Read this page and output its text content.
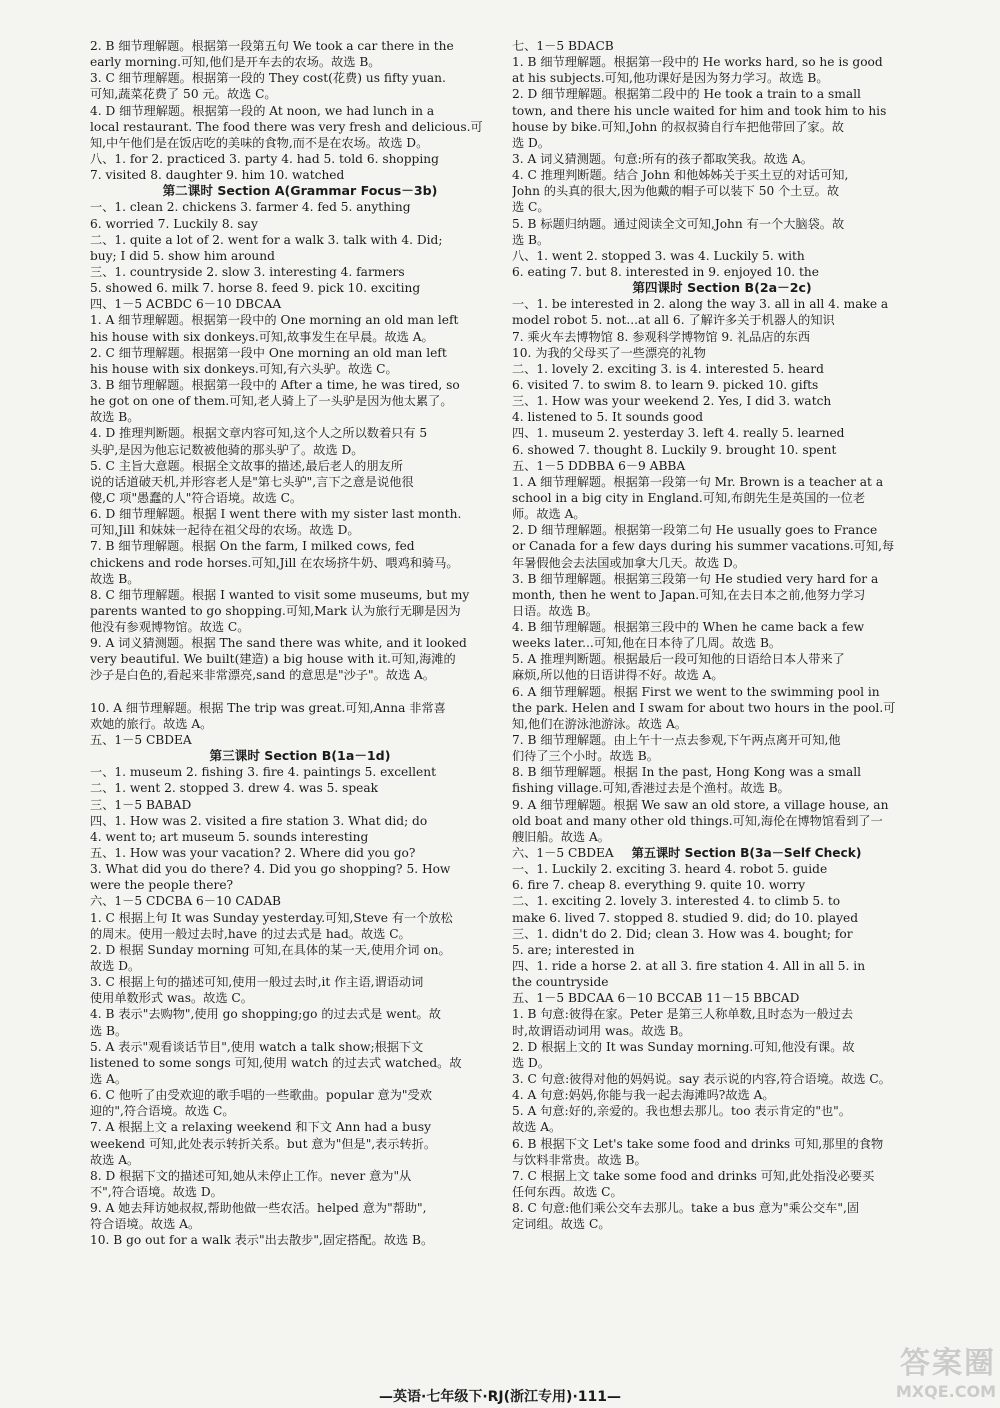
2. B 细节理解题。根据第一段第五句 We took a car there in the
early morning.可知,他们是开车去的农场。故选 B。
3. C 细节理解题。根据第一段的 They cost(花费) us fifty yuan.
可知,蔬菜花费了 50 元。故选 C。
4. D 细节理解题。根据第一段的 At noon, we had lunch in a
local restaurant. The food there was very fresh and delicious.可
知,中午他们是在饭店吃的美味的食物,而不是在农场。故选 D。
八、1. for 2. practiced 3. party 4. had 5. told 6. shopping
7. visited 8. daughter 9. him 10. watched
第二课时 Section A(Grammar Focus－3b)
一、1. clean 2. chickens 3. farmer 4. fed 5. anything
6. worried 7. Luckily 8. say
二、1. quite a lot of 2. went for a walk 3. talk with 4. Did;
buy; I did 5. show him around
三、1. countryside 2. slow 3. interesting 4. farmers
5. showed 6. milk 7. horse 8. feed 9. pick 10. exciting
四、1－5 ACBDC 6－10 DBCAA
1. A 细节理解题。根据第一段中的 One morning an old man left
his house with six donkeys.可知,故事发生在早晨。故选 A。
2. C 细节理解题。根据第一段中 One morning an old man left
his house with six donkeys.可知,有六头驴。故选 C。
3. B 细节理解题。根据第一段中的 After a time, he was tired, so
he got on one of them.可知,老人骑上了一头驴是因为他太累了。
故选 B。
4. D 推理判断题。根据文章内容可知,这个人之所以数着只有 5
头驴,是因为他忘记数被他骑的那头驴了。故选 D。
5. C 主旨大意题。根据全文故事的描述,最后老人的朋友所
说的话道破天机,并形容老人是"第七头驴",言下之意是说他很
傻,C 项"愚蠢的人"符合语境。故选 C。
6. D 细节理解题。根据 I went there with my sister last month.
可知,Jill 和妹妹一起待在祖父母的农场。故选 D。
7. B 细节理解题。根据 On the farm, I milked cows, fed
chickens and rode horses.可知,Jill 在农场挤牛奶、喂鸡和骑马。
故选 B。
8. C 细节理解题。根据 I wanted to visit some museums, but my
parents wanted to go shopping.可知,Mark 认为旅行无聊是因为
他没有参观博物馆。故选 C。
9. A 词义猜测题。根据 The sand there was white, and it looked
very beautiful. We built(建造) a big house with it.可知,海滩的
沙子是白色的,看起来非常漂亮,sand 的意思是"沙子"。故选 A。
10. A 细节理解题。根据 The trip was great.可知,Anna 非常喜
欢她的旅行。故选 A。
五、1－5 CBDEA
第三课时 Section B(1a－1d)
一、1. museum 2. fishing 3. fire 4. paintings 5. excellent
二、1. went 2. stopped 3. drew 4. was 5. speak
三、1－5 BABAD
四、1. How was 2. visited a fire station 3. What did; do
4. went to; art museum 5. sounds interesting
五、1. How was your vacation? 2. Where did you go?
3. What did you do there? 4. Did you go shopping? 5. How
were the people there?
六、1－5 CDCBA 6－10 CADAB
1. C 根据上句 It was Sunday yesterday.可知,Steve 有一个放松
的周末。使用一般过去时,have 的过去式是 had。故选 C。
2. D 根据 Sunday morning 可知,在具体的某一天,使用介词 on。
故选 D。
3. C 根据上句的描述可知,使用一般过去时,it 作主语,谓语动词
使用单数形式 was。故选 C。
4. B 表示"去购物",使用 go shopping;go 的过去式是 went。故
选 B。
5. A 表示"观看谈话节目",使用 watch a talk show;根据下文
listened to some songs 可知,使用 watch 的过去式 watched。故
选 A。
6. C 他听了由受欢迎的歌手唱的一些歌曲。popular 意为"受欢
迎的",符合语境。故选 C。
7. A 根据上文 a relaxing weekend 和下文 Ann had a busy
weekend 可知,此处表示转折关系。but 意为"但是",表示转折。
故选 A。
8. D 根据下文的描述可知,她从未停止工作。never 意为"从
不",符合语境。故选 D。
9. A 她去拜访她叔叔,帮助他做一些农活。helped 意为"帮助",
符合语境。故选 A。
10. B go out for a walk 表示"出去散步",固定搭配。故选 B。
七、1－5 BDACB
1. B 细节理解题。根据第一段中的 He works hard, so he is good
at his subjects.可知,他功课好是因为努力学习。故选 B。
2. D 细节理解题。根据第二段中的 He took a train to a small
town, and there his uncle waited for him and took him to his
house by bike.可知,John 的叔叔骑自行车把他带回了家。故
选 D。
3. A 词义猜测题。句意:所有的孩子都取笑我。故选 A。
4. C 推理判断题。结合 John 和他姊姊关于买土豆的对话可知,
John 的头真的很大,因为他戴的帽子可以装下 50 个土豆。故
选 C。
5. B 标题归纳题。通过阅读全文可知,John 有一个大脑袋。故
选 B。
八、1. went 2. stopped 3. was 4. Luckily 5. with
6. eating 7. but 8. interested in 9. enjoyed 10. the
第四课时 Section B(2a－2c)
一、1. be interested in 2. along the way 3. all in all 4. make a
model robot 5. not...at all 6. 了解许多关于机器人的知识
7. 乘火车去博物馆 8. 参观科学博物馆 9. 礼品店的东西
10. 为我的父母买了一些漂亮的礼物
二、1. lovely 2. exciting 3. is 4. interested 5. heard
6. visited 7. to swim 8. to learn 9. picked 10. gifts
三、1. How was your weekend 2. Yes, I did 3. watch
4. listened to 5. It sounds good
四、1. museum 2. yesterday 3. left 4. really 5. learned
6. showed 7. thought 8. Luckily 9. brought 10. spent
五、1－5 DDBBA 6－9 ABBA
1. A 细节理解题。根据第一段第一句 Mr. Brown is a teacher at a
school in a big city in England.可知,布朗先生是英国的一位老
师。故选 A。
2. D 细节理解题。根据第一段第二句 He usually goes to France
or Canada for a few days during his summer vacations.可知,每
年暑假他会去法国或加拿大几天。故选 D。
3. B 细节理解题。根据第三段第一句 He studied very hard for a
month, then he went to Japan.可知,在去日本之前,他努力学习
日语。故选 B。
4. B 细节理解题。根据第三段中的 When he came back a few
weeks later...可知,他在日本待了几周。故选 B。
5. A 推理判断题。根据最后一段可知他的日语给日本人带来了
麻烦,所以他的日语讲得不好。故选 A。
6. A 细节理解题。根据 First we went to the swimming pool in
the park. Helen and I swam for about two hours in the pool.可
知,他们在游泳池游泳。故选 A。
7. B 细节理解题。由上午十一点去参观,下午两点离开可知,他
们待了三个小时。故选 B。
8. B 细节理解题。根据 In the past, Hong Kong was a small
fishing village.可知,香港过去是个渔村。故选 B。
9. A 细节理解题。根据 We saw an old store, a village house, an
old boat and many other old things.可知,海伦在博物馆看到了一
艘旧船。故选 A。
六、1－5 CBDEA 第五课时 Section B(3a－Self Check)
一、1. Luckily 2. exciting 3. heard 4. robot 5. guide
6. fire 7. cheap 8. everything 9. quite 10. worry
二、1. exciting 2. lovely 3. interested 4. to climb 5. to
make 6. lived 7. stopped 8. studied 9. did; do 10. played
三、1. didn't do 2. Did; clean 3. How was 4. bought; for
5. are; interested in
四、1. ride a horse 2. at all 3. fire station 4. All in all 5. in
the countryside
五、1－5 BDCAA 6－10 BCCAB 11－15 BBCAD
1. B 句意:彼得在家。Peter 是第三人称单数,且时态为一般过去
时,故谓语动词用 was。故选 B。
2. D 根据上文的 It was Sunday morning.可知,他没有课。故
选 D。
3. C 句意:彼得对他的妈妈说。say 表示说的内容,符合语境。故选 C。
4. A 句意:妈妈,你能与我一起去海滩吗?故选 A。
5. A 句意:好的,亲爱的。我也想去那儿。too 表示肯定的"也"。
故选 A。
6. B 根据下文 Let's take some food and drinks 可知,那里的食物
与饮料非常贵。故选 B。
7. C 根据上文 take some food and drinks 可知,此处指没必要买
任何东西。故选 C。
8. C 句意:他们乘公交车去那儿。take a bus 意为"乘公交车",固
定词组。故选 C。
—英语·七年级下·RJ(浙江专用)·111—
答案圈
MXQE.COM
